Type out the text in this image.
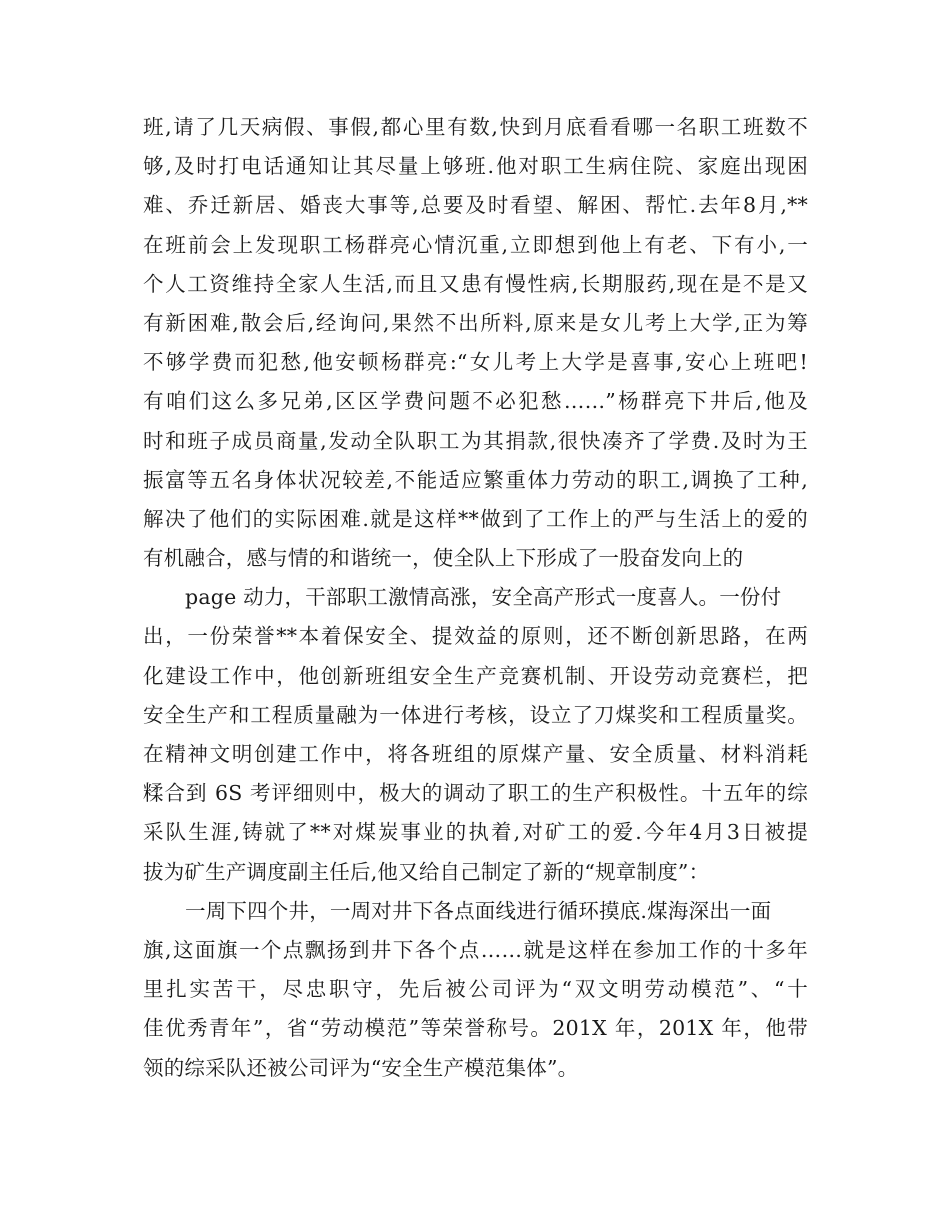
班,请了几天病假、事假,都心里有数,快到月底看看哪一名职工班数不
够,及时打电话通知让其尽量上够班.他对职工生病住院、家庭出现困
难、乔迁新居、婚丧大事等,总要及时看望、解困、帮忙.去年8月,**
在班前会上发现职工杨群亮心情沉重,立即想到他上有老、下有小,一
个人工资维持全家人生活,而且又患有慢性病,长期服药,现在是不是又
有新困难,散会后,经询问,果然不出所料,原来是女儿考上大学,正为筹
不够学费而犯愁,他安顿杨群亮:“女儿考上大学是喜事,安心上班吧!
有咱们这么多兄弟,区区学费问题不必犯愁……”杨群亮下井后,他及
时和班子成员商量,发动全队职工为其捐款,很快凑齐了学费.及时为王
振富等五名身体状况较差,不能适应繁重体力劳动的职工,调换了工种,
解决了他们的实际困难.就是这样**做到了工作上的严与生活上的爱的
有机融合，感与情的和谐统一，使全队上下形成了一股奋发向上的
page 动力，干部职工激情高涨，安全高产形式一度喜人。一份付
出，一份荣誉**本着保安全、提效益的原则，还不断创新思路，在两
化建设工作中，他创新班组安全生产竞赛机制、开设劳动竞赛栏，把
安全生产和工程质量融为一体进行考核，设立了刀煤奖和工程质量奖。
在精神文明创建工作中，将各班组的原煤产量、安全质量、材料消耗
糅合到 6S 考评细则中，极大的调动了职工的生产积极性。十五年的综
采队生涯,铸就了**对煤炭事业的执着,对矿工的爱.今年4月3日被提
拔为矿生产调度副主任后,他又给自己制定了新的“规章制度”：
一周下四个井，一周对井下各点面线进行循环摸底.煤海深出一面
旗,这面旗一个点飘扬到井下各个点……就是这样在参加工作的十多年
里扎实苦干，尽忠职守，先后被公司评为“双文明劳动模范”、“十
佳优秀青年”，省“劳动模范”等荣誉称号。201X 年，201X 年，他带
领的综采队还被公司评为“安全生产模范集体”。
